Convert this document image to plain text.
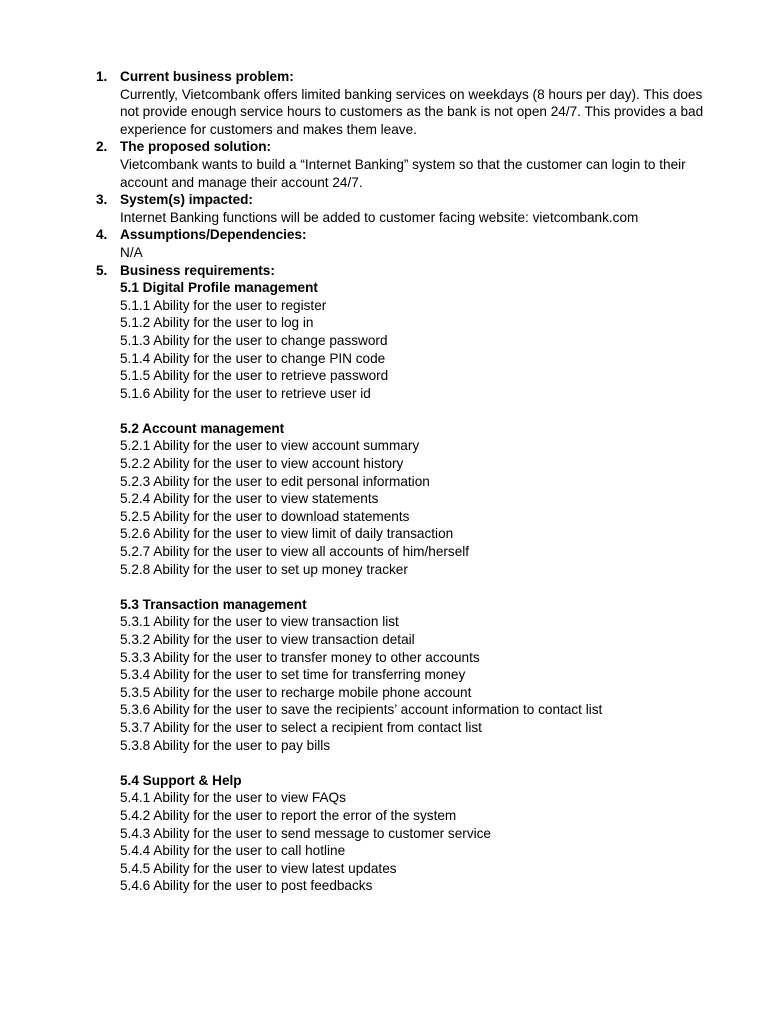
1. Current business problem:
Currently, Vietcombank offers limited banking services on weekdays (8 hours per day). This does not provide enough service hours to customers as the bank is not open 24/7. This provides a bad experience for customers and makes them leave.
2. The proposed solution:
Vietcombank wants to build a “Internet Banking” system so that the customer can login to their account and manage their account 24/7.
3. System(s) impacted:
Internet Banking functions will be added to customer facing website: vietcombank.com
4. Assumptions/Dependencies:
N/A
5. Business requirements:
5.1 Digital Profile management
5.1.1 Ability for the user to register
5.1.2 Ability for the user to log in
5.1.3 Ability for the user to change password
5.1.4 Ability for the user to change PIN code
5.1.5 Ability for the user to retrieve password
5.1.6 Ability for the user to retrieve user id
5.2 Account management
5.2.1 Ability for the user to view account summary
5.2.2 Ability for the user to view account history
5.2.3 Ability for the user to edit personal information
5.2.4 Ability for the user to view statements
5.2.5 Ability for the user to download statements
5.2.6 Ability for the user to view limit of daily transaction
5.2.7 Ability for the user to view all accounts of him/herself
5.2.8 Ability for the user to set up money tracker
5.3 Transaction management
5.3.1 Ability for the user to view transaction list
5.3.2 Ability for the user to view transaction detail
5.3.3 Ability for the user to transfer money to other accounts
5.3.4 Ability for the user to set time for transferring money
5.3.5 Ability for the user to recharge mobile phone account
5.3.6 Ability for the user to save the recipients’ account information to contact list
5.3.7 Ability for the user to select a recipient from contact list
5.3.8 Ability for the user to pay bills
5.4 Support & Help
5.4.1 Ability for the user to view FAQs
5.4.2 Ability for the user to report the error of the system
5.4.3 Ability for the user to send message to customer service
5.4.4 Ability for the user to call hotline
5.4.5 Ability for the user to view latest updates
5.4.6 Ability for the user to post feedbacks
